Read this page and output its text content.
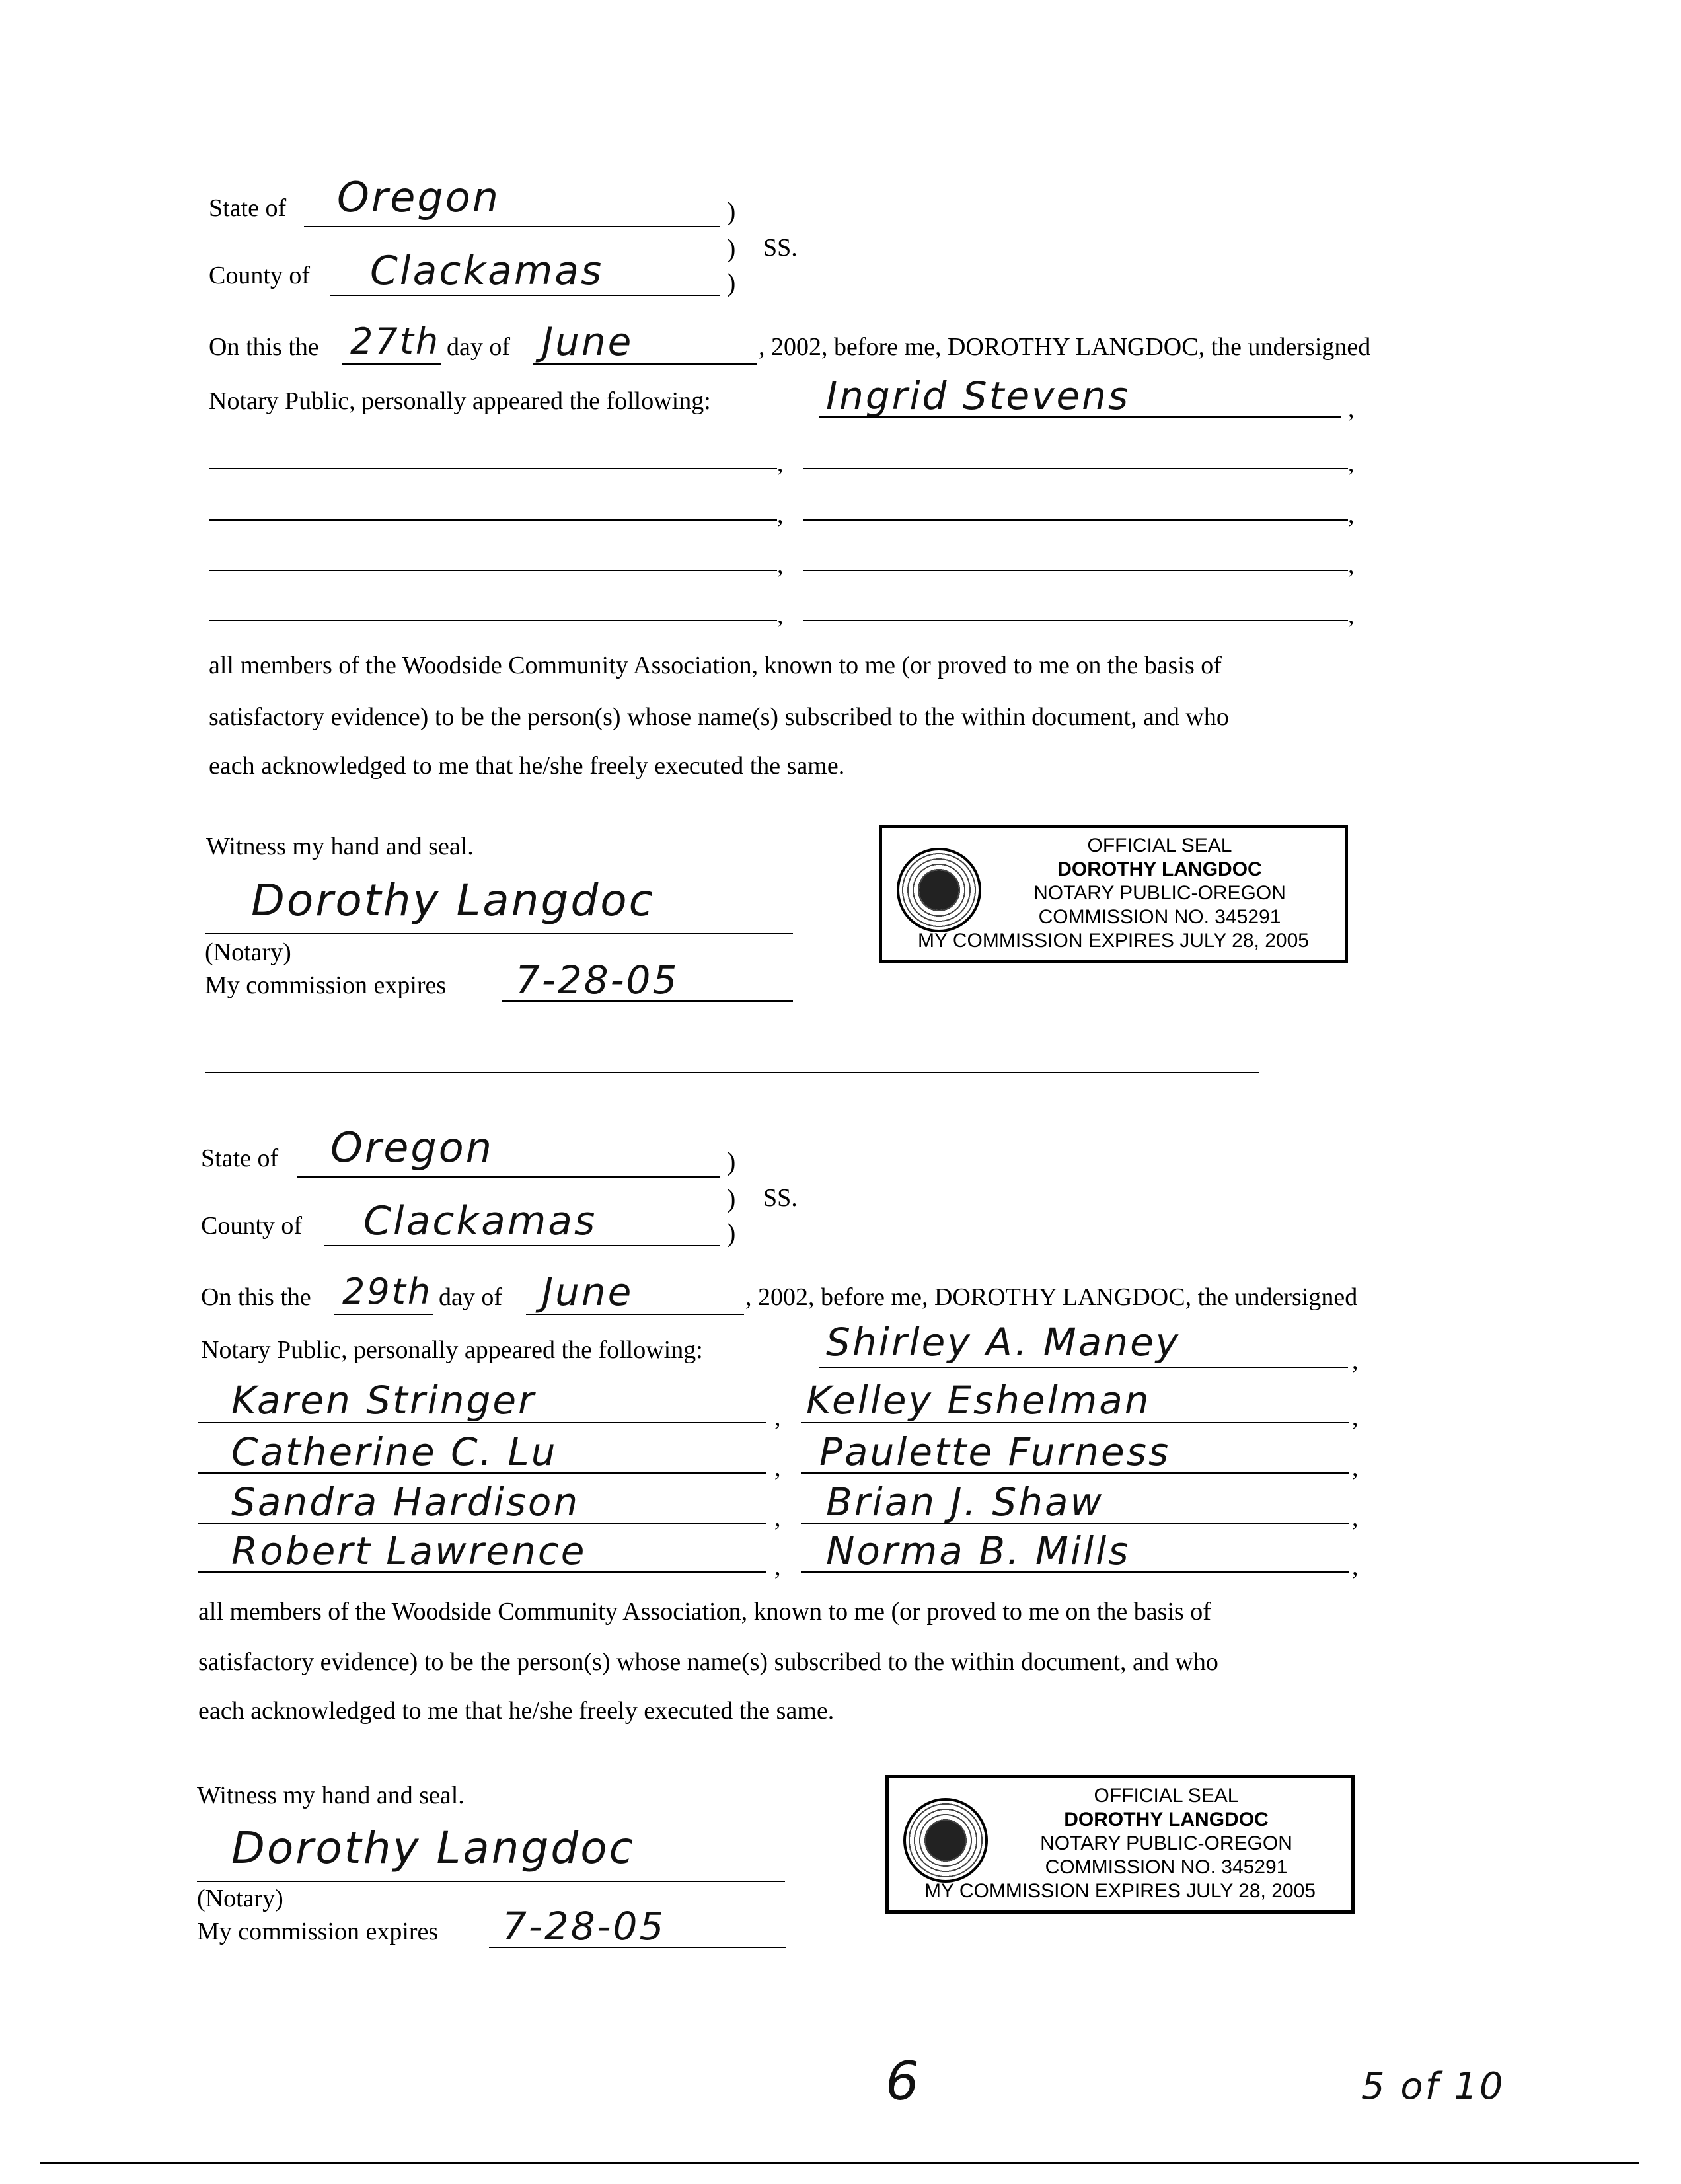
State of Oregon	)
) SS.
)
County of Clackamas
On this the 27th day of June	, 2002, before me, DOROTHY LANGDOC, the undersigned
Notary Public, personally appeared the following:	Ingrid Stevens	,
,	,
,	,
,	,
,	,

all members of the Woodside Community Association, known to me (or proved to me on the basis of

satisfactory evidence) to be the person(s) whose name(s) subscribed to the within document, and who

each acknowledged to me that he/she freely executed the same.

Witness my hand and seal.
Dorothy Langdoc
(Notary)
My commission expires 7-28-05
OFFICIAL SEAL
DOROTHY LANGDOC
NOTARY PUBLIC-OREGON
COMMISSION NO. 345291
MY COMMISSION EXPIRES JULY 28, 2005
State of Oregon	)
) SS.
)
County of Clackamas
On this the 29th day of June	, 2002, before me, DOROTHY LANGDOC, the undersigned
Notary Public, personally appeared the following:	Shirley A. Maney	,
Karen Stringer	, Kelley Eshelman	,
Catherine C. Lu	, Paulette Furness	,
Sandra Hardison	, Brian J. Shaw	,
Robert Lawrence	, Norma B. Mills	,

all members of the Woodside Community Association, known to me (or proved to me on the basis of

satisfactory evidence) to be the person(s) whose name(s) subscribed to the within document, and who

each acknowledged to me that he/she freely executed the same.

Witness my hand and seal.
Dorothy Langdoc
(Notary)
My commission expires 7-28-05
OFFICIAL SEAL
DOROTHY LANGDOC
NOTARY PUBLIC-OREGON
COMMISSION NO. 345291
MY COMMISSION EXPIRES JULY 28, 2005
6	5 of 10
